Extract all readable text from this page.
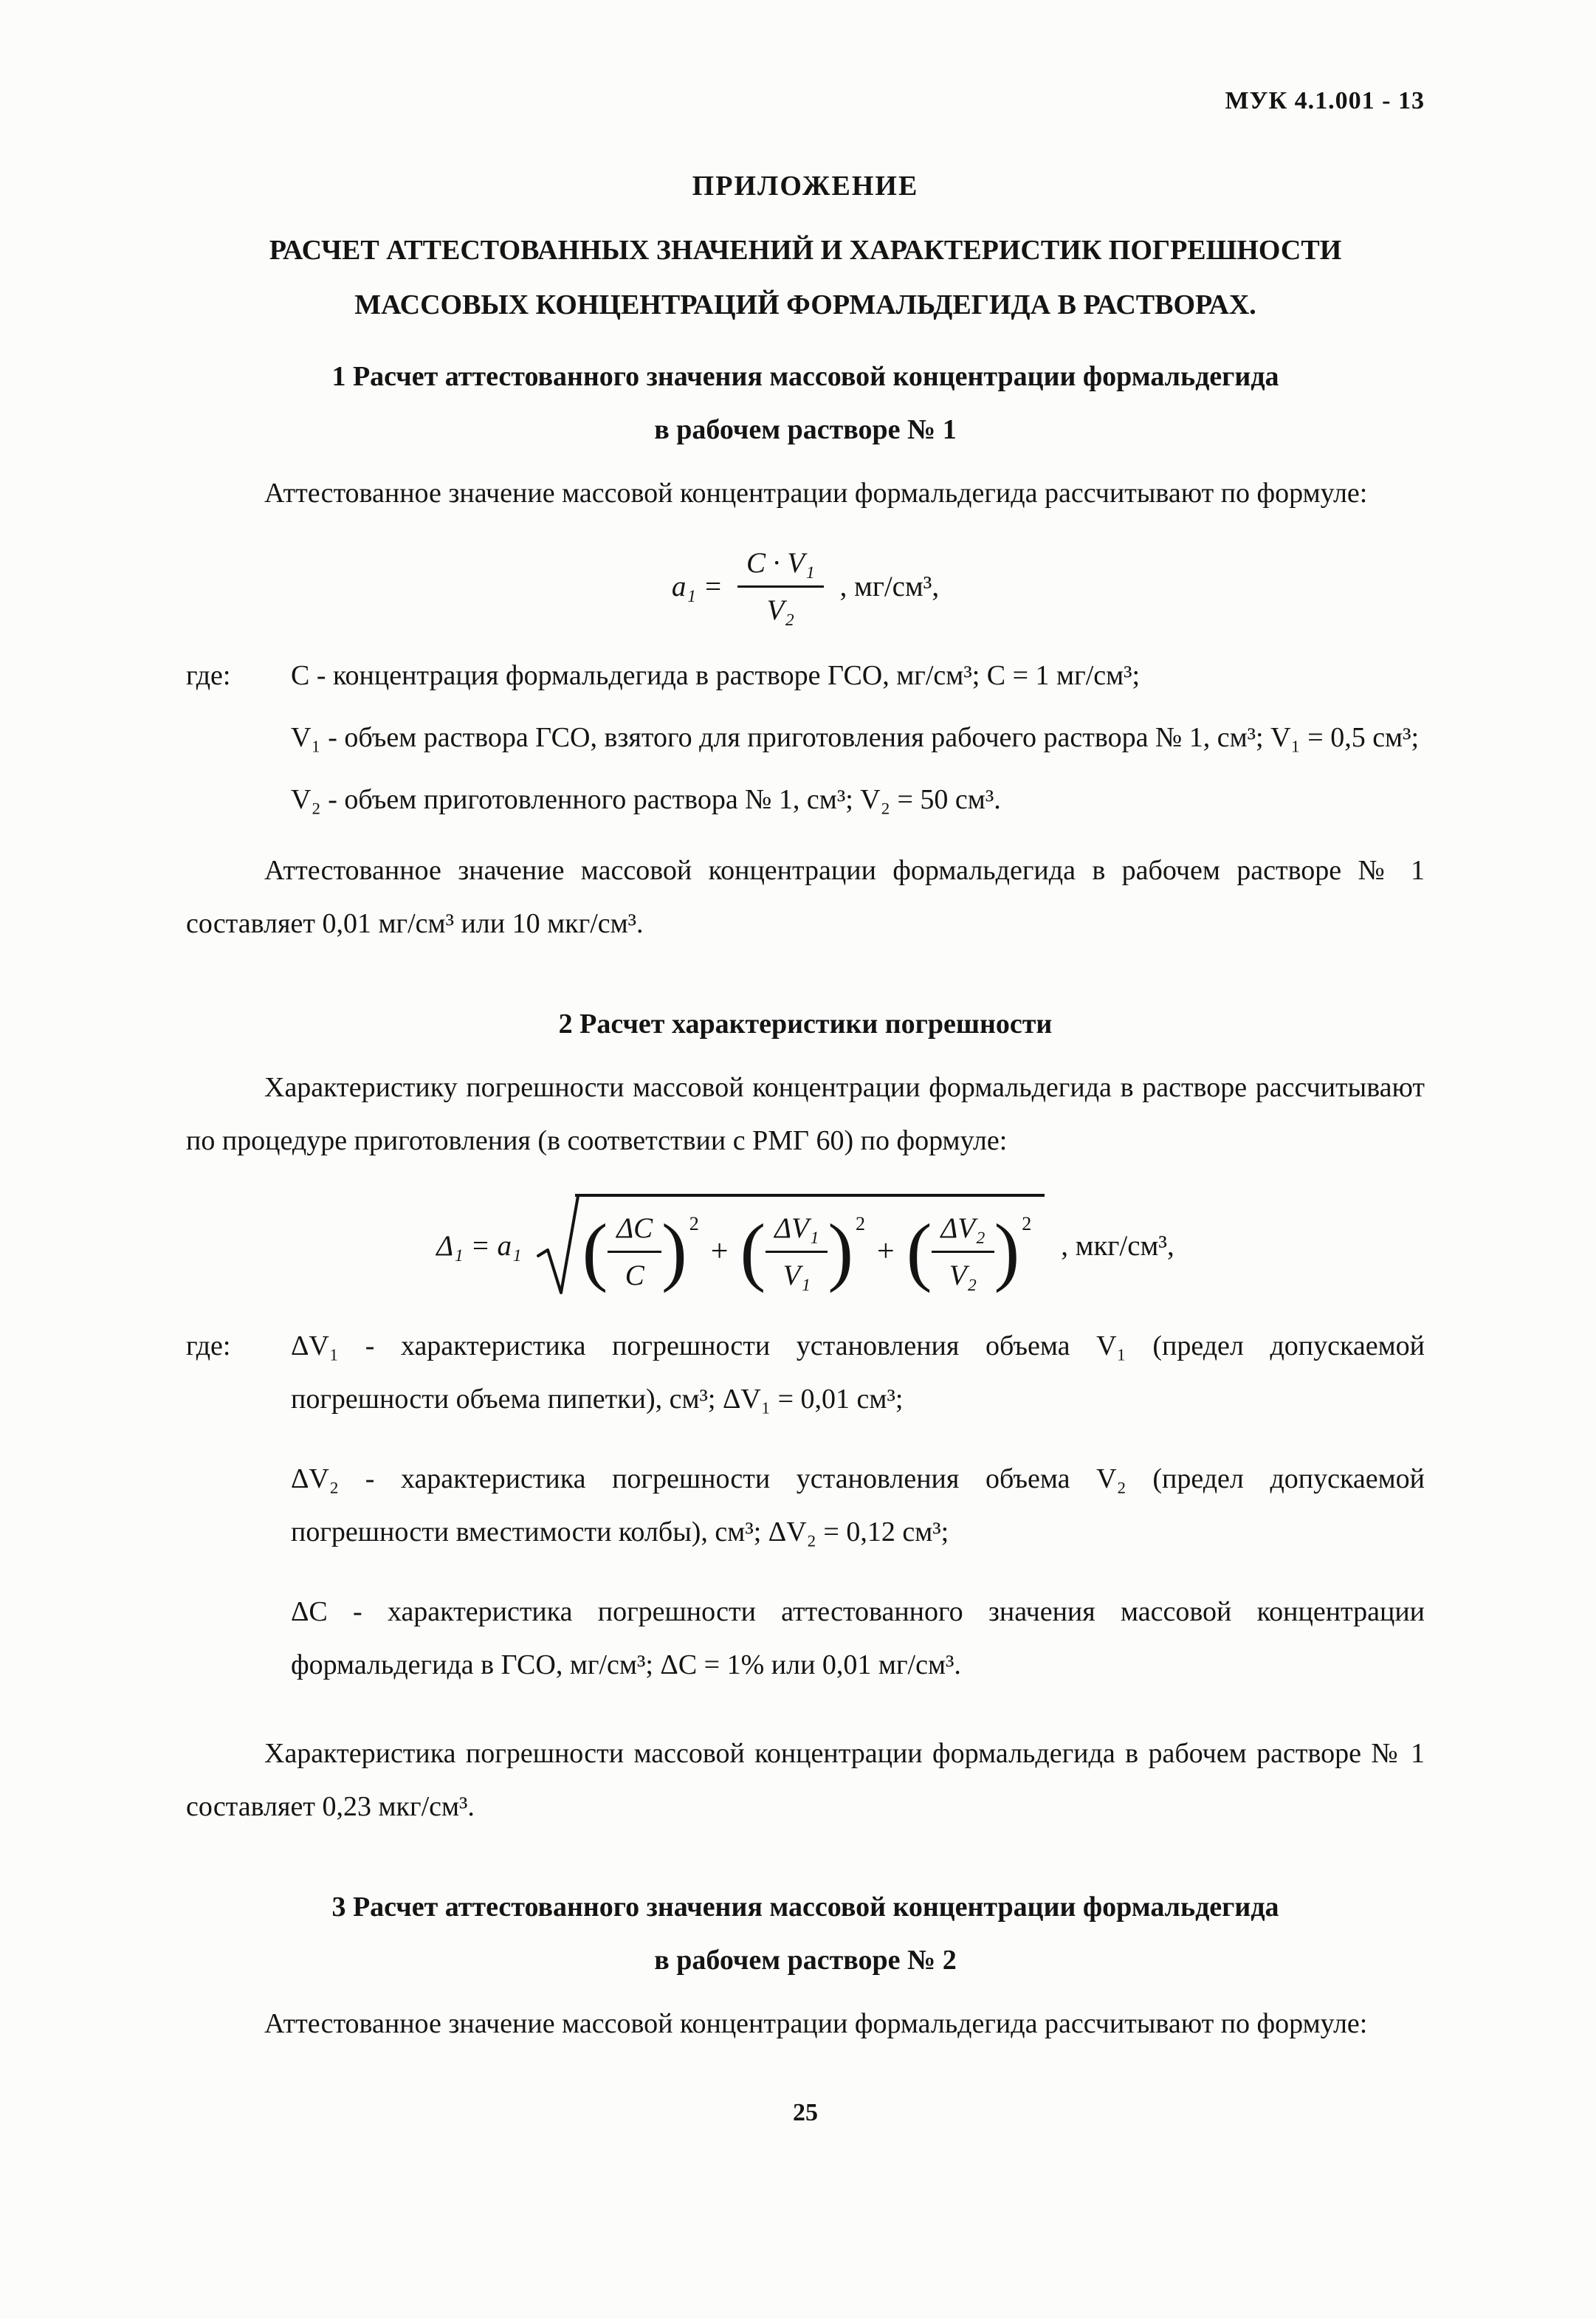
МУК 4.1.001 - 13
ПРИЛОЖЕНИЕ
РАСЧЕТ АТТЕСТОВАННЫХ ЗНАЧЕНИЙ И ХАРАКТЕРИСТИК ПОГРЕШНОСТИ
МАССОВЫХ КОНЦЕНТРАЦИЙ ФОРМАЛЬДЕГИДА В РАСТВОРАХ.
1 Расчет аттестованного значения массовой концентрации формальдегида
в рабочем растворе № 1

Аттестованное значение массовой концентрации формальдегида рассчитывают по формуле:

$a_1 = \frac{\text{C · V₁}}{\text{V₂}}$ , мг/см³,
где:	С - концентрация формальдегида в растворе ГСО, мг/см³; С = 1 мг/см³;

V₁ - объем раствора ГСО, взятого для приготовления рабочего раствора № 1, см³; V₁ = 0,5 см³;

V₂ - объем приготовленного раствора № 1, см³; V₂ = 50 см³.

Аттестованное значение массовой концентрации формальдегида в рабочем растворе № 1 составляет 0,01 мг/см³ или 10 мкг/см³.

2 Расчет характеристики погрешности

Характеристику погрешности массовой концентрации формальдегида в растворе рассчитывают по процедуре приготовления (в соответствии с РМГ 60) по формуле:

Δ₁ = a₁ ( $\frac{\Delta C}{C}$ ) 2
+ ( $\frac{\text{ΔV₁}}{\text{V₁}}$ ) 2
+ ( $\frac{\text{ΔV₂}}{\text{V₂}}$ ) 2
, мкг/см³,
где:	ΔV₁ - характеристика погрешности установления объема V₁ (предел допускаемой погрешности объема пипетки), см³; ΔV₁ = 0,01 см³;

ΔV₂ - характеристика погрешности установления объема V₂ (предел допускаемой погрешности вместимости колбы), см³; ΔV₂ = 0,12 см³;

ΔС - характеристика погрешности аттестованного значения массовой концентрации формальдегида в ГСО, мг/см³; ΔС = 1% или 0,01 мг/см³.

Характеристика погрешности массовой концентрации формальдегида в рабочем растворе № 1 составляет 0,23 мкг/см³.

3 Расчет аттестованного значения массовой концентрации формальдегида
в рабочем растворе № 2

Аттестованное значение массовой концентрации формальдегида рассчитывают по формуле:

25
